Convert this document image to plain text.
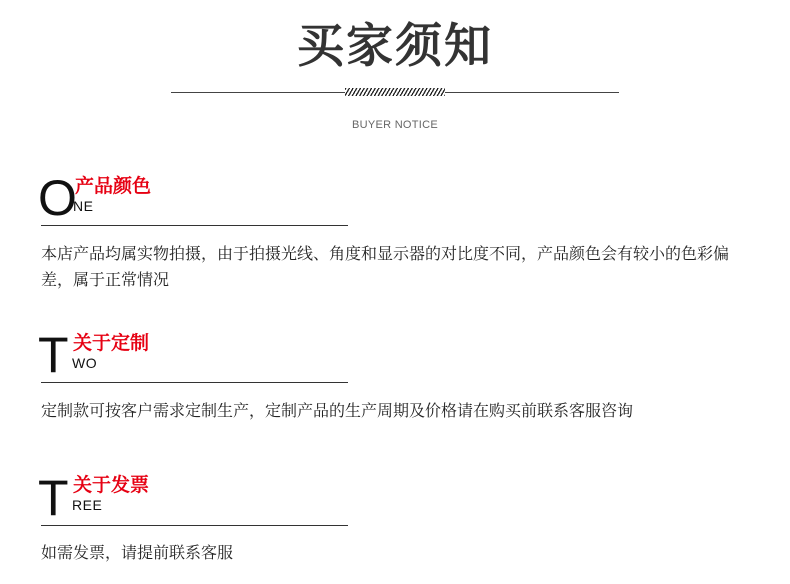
买家须知
BUYER NOTICE
O
产品颜色
NE
本店产品均属实物拍摄，由于拍摄光线、角度和显示器的对比度不同，产品颜色会有较小的色彩偏差，属于正常情况
T 关于定制
WO
定制款可按客户需求定制生产，定制产品的生产周期及价格请在购买前联系客服咨询
T 关于发票
REE
如需发票，请提前联系客服
